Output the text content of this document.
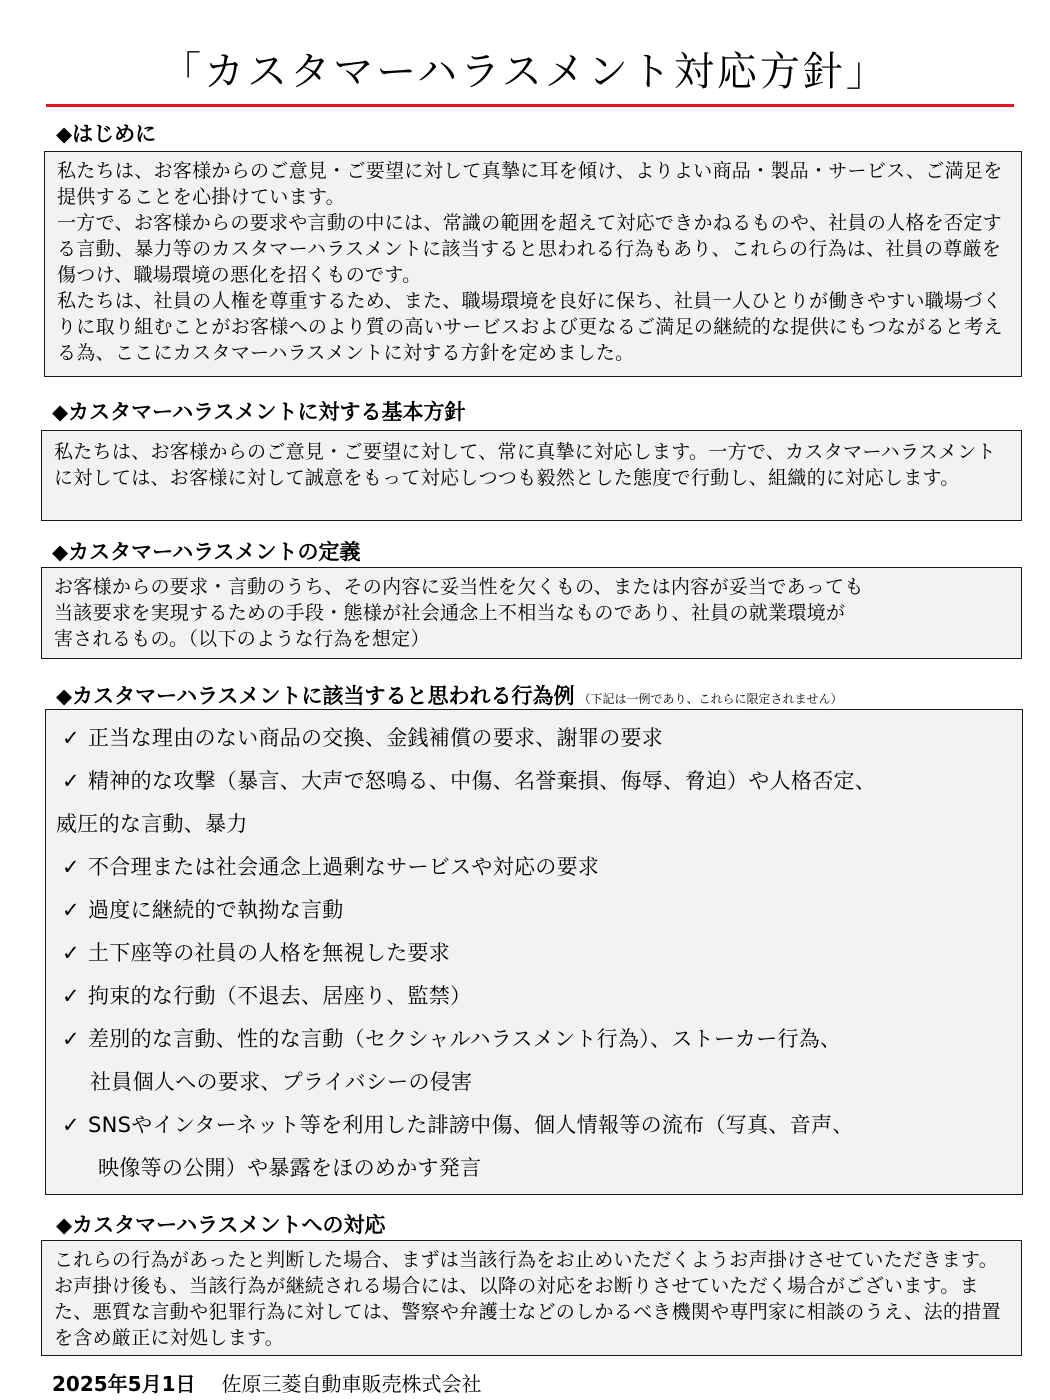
「カスタマーハラスメント対応方針」
◆はじめに

私たちは、お客様からのご意見・ご要望に対して真摯に耳を傾け、よりよい商品・製品・サービス、ご満足を提供することを心掛けています。

一方で、お客様からの要求や言動の中には、常識の範囲を超えて対応できかねるものや、社員の人格を否定する言動、暴力等のカスタマーハラスメントに該当すると思われる行為もあり、これらの行為は、社員の尊厳を傷つけ、職場環境の悪化を招くものです。

私たちは、社員の人権を尊重するため、また、職場環境を良好に保ち、社員一人ひとりが働きやすい職場づくりに取り組むことがお客様へのより質の高いサービスおよび更なるご満足の継続的な提供にもつながると考える為、ここにカスタマーハラスメントに対する方針を定めました。

◆カスタマーハラスメントに対する基本方針

私たちは、お客様からのご意見・ご要望に対して、常に真摯に対応します。一方で、カスタマーハラスメントに対しては、お客様に対して誠意をもって対応しつつも毅然とした態度で行動し、組織的に対応します。

◆カスタマーハラスメントの定義

お客様からの要求・言動のうち、その内容に妥当性を欠くもの、または内容が妥当であっても

当該要求を実現するための手段・態様が社会通念上不相当なものであり、社員の就業環境が

害されるもの。（以下のような行為を想定）

◆カスタマーハラスメントに該当すると思われる行為例 （下記は一例であり、これらに限定されません）
✓ 正当な理由のない商品の交換、金銭補償の要求、謝罪の要求
✓ 精神的な攻撃（暴言、大声で怒鳴る、中傷、名誉棄損、侮辱、脅迫）や人格否定、
威圧的な言動、暴力
✓ 不合理または社会通念上過剰なサービスや対応の要求
✓ 過度に継続的で執拗な言動
✓ 土下座等の社員の人格を無視した要求
✓ 拘束的な行動（不退去、居座り、監禁）
✓ 差別的な言動、性的な言動（セクシャルハラスメント行為）、ストーカー行為、
社員個人への要求、プライバシーの侵害
✓ SNSやインターネット等を利用した誹謗中傷、個人情報等の流布（写真、音声、
映像等の公開）や暴露をほのめかす発言
◆カスタマーハラスメントへの対応

これらの行為があったと判断した場合、まずは当該行為をお止めいただくようお声掛けさせていただきます。お声掛け後も、当該行為が継続される場合には、以降の対応をお断りさせていただく場合がございます。また、悪質な言動や犯罪行為に対しては、警察や弁護士などのしかるべき機関や専門家に相談のうえ、法的措置を含め厳正に対処します。

2025年5月1日 佐原三菱自動車販売株式会社
